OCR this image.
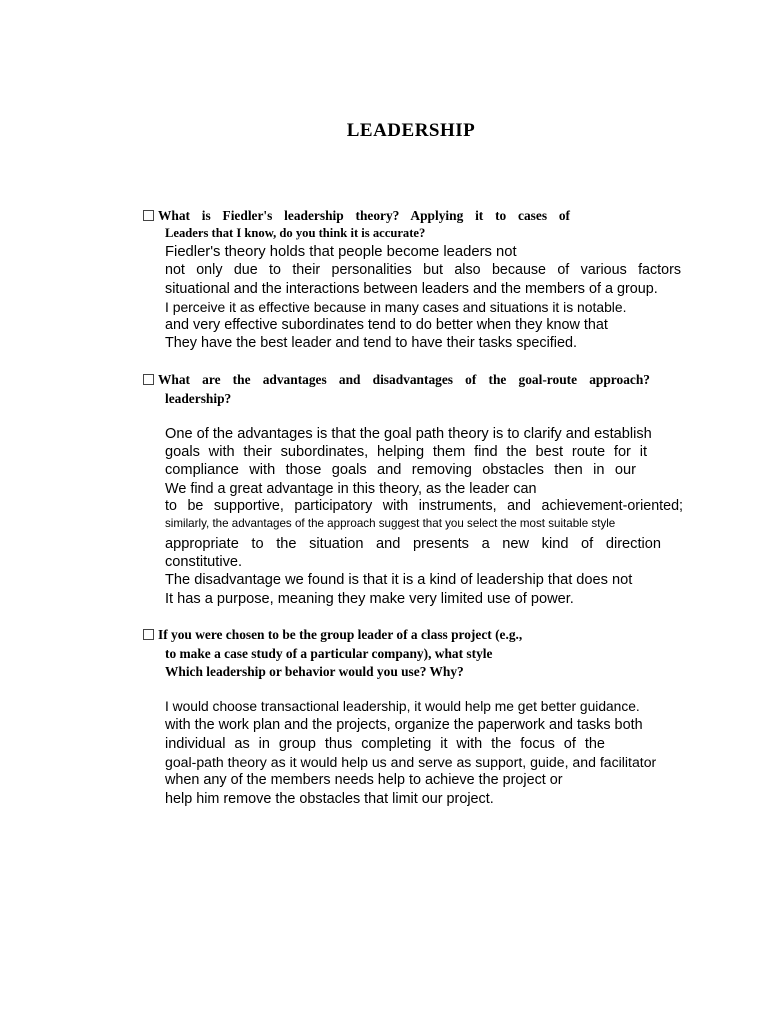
LEADERSHIP
What is Fiedler's leadership theory? Applying it to cases of
Leaders that I know, do you think it is accurate?
Fiedler's theory holds that people become leaders not
not only due to their personalities but also because of various factors
situational and the interactions between leaders and the members of a group.
I perceive it as effective because in many cases and situations it is notable.
and very effective subordinates tend to do better when they know that
They have the best leader and tend to have their tasks specified.
What are the advantages and disadvantages of the goal-route approach?
leadership?
One of the advantages is that the goal path theory is to clarify and establish
goals with their subordinates, helping them find the best route for it
compliance with those goals and removing obstacles then in our
We find a great advantage in this theory, as the leader can
to be supportive, participatory with instruments, and achievement-oriented;
similarly, the advantages of the approach suggest that you select the most suitable style
appropriate to the situation and presents a new kind of direction
constitutive.
The disadvantage we found is that it is a kind of leadership that does not
It has a purpose, meaning they make very limited use of power.
If you were chosen to be the group leader of a class project (e.g.,
to make a case study of a particular company), what style
Which leadership or behavior would you use? Why?
I would choose transactional leadership, it would help me get better guidance.
with the work plan and the projects, organize the paperwork and tasks both
individual as in group thus completing it with the focus of the
goal-path theory as it would help us and serve as support, guide, and facilitator
when any of the members needs help to achieve the project or
help him remove the obstacles that limit our project.
